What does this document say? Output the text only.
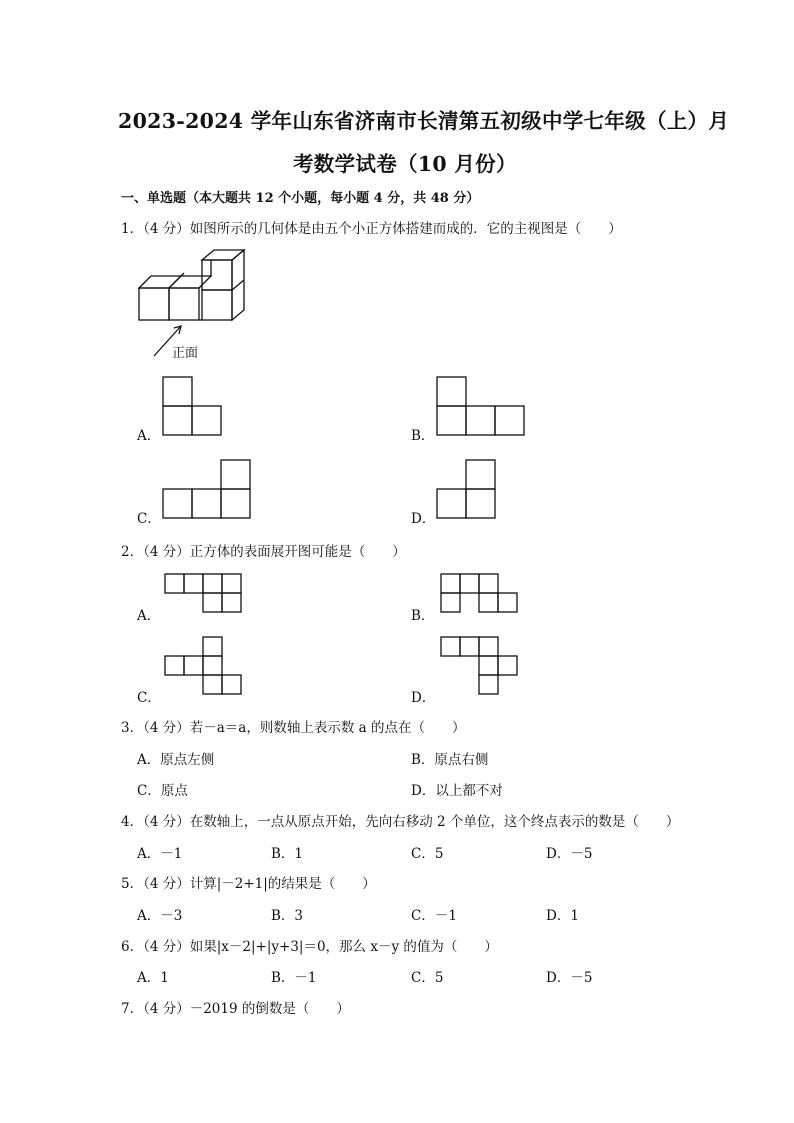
2023-2024 学年山东省济南市长清第五初级中学七年级（上）月
考数学试卷（10 月份）
一、单选题（本大题共 12 个小题，每小题 4 分，共 48 分）
1．（4 分）如图所示的几何体是由五个小正方体搭建而成的．它的主视图是（　　）
正面
A．	B．
C．	D．
2．（4 分）正方体的表面展开图可能是（　　）
A．	B．
C．	D．
3．（4 分）若－a＝a，则数轴上表示数 a 的点在（　　）
A．原点左侧	B．原点右侧
C．原点	D．以上都不对
4．（4 分）在数轴上，一点从原点开始，先向右移动 2 个单位，这个终点表示的数是（　　）
A．－1	B．1	C．5	D．－5
5．（4 分）计算|－2+1|的结果是（　　）
A．－3	B．3	C．－1	D．1
6．（4 分）如果|x－2|+|y+3|＝0，那么 x－y 的值为（　　）
A．1	B．－1	C．5	D．－5
7．（4 分）－2019 的倒数是（　　）
